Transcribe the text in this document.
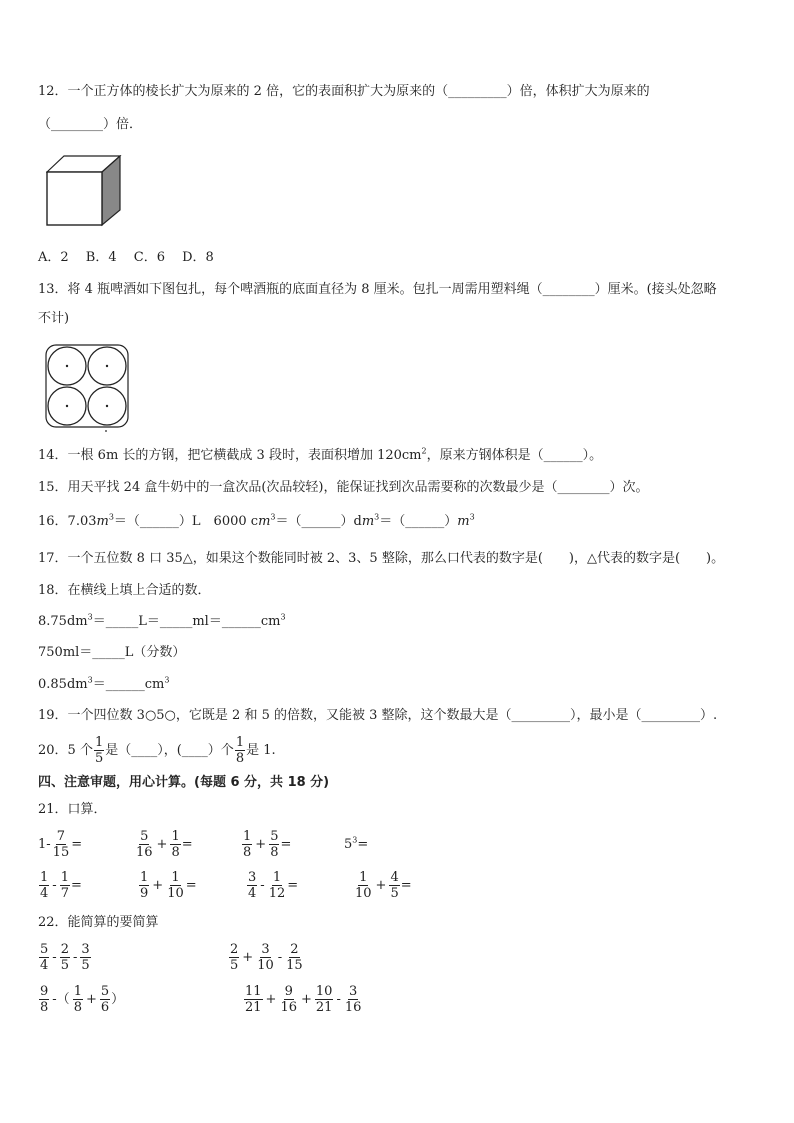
12．一个正方体的棱长扩大为原来的 2 倍，它的表面积扩大为原来的（_________）倍，体积扩大为原来的
（________）倍．
A．2　 B．4　 C．6　 D．8
13．将 4 瓶啤酒如下图包扎，每个啤酒瓶的底面直径为 8 厘米。包扎一周需用塑料绳（________）厘米。(接头处忽略
不计)
14．一根 6m 长的方钢，把它横截成 3 段时，表面积增加 $120cm^2$，原来方钢体积是（______）。
15．用天平找 24 盒牛奶中的一盒次品(次品较轻)，能保证找到次品需要称的次数最少是（________）次。
16．$7.03m^3=(\_\_\_\_\_\_)L$　6000 $cm^3=(\_\_\_\_\_\_)dm^3=(\_\_\_\_\_\_)m^3$
17．一个五位数 8 口 35△，如果这个数能同时被 2、3、5 整除，那么口代表的数字是(　　)，△代表的数字是(　　)。
18．在横线上填上合适的数．
$8.75dm^3=\_\_\_\_\_L=\_\_\_\_\_ml=\_\_\_\_\_\_cm^3$
750ml＝_____L（分数）
$0.85dm^3=\_\_\_\_\_\_cm^3$
19．一个四位数 3○5○，它既是 2 和 5 的倍数，又能被 3 整除，这个数最大是（_________），最小是（_________）.
20．5 个 $\frac{1}{5}$ 是（____），(____）个 $\frac{1}{8}$ 是 1.
四、注意审题，用心计算。(每题 6 分，共 18 分)
21．口算．
$1- \frac{7}{15}$ =	$\frac{5}{16} + \frac{1}{8}$ =	$\frac{1}{8} + \frac{5}{8}$ =	$5^3=$
$\frac{1}{4} - \frac{1}{7}$ =	$\frac{1}{9} + \frac{1}{10}$ =	$\frac{3}{4} - \frac{1}{12}$ =	$\frac{1}{10} + \frac{4}{5}$ =
22．能简算的要简算
$\frac{5}{4} - \frac{2}{5} - \frac{3}{5}$	$\frac{2}{5} + \frac{3}{10} - \frac{2}{15}$
$\frac{9}{8}$ -（ $\frac{1}{8} + \frac{5}{6}$ ）	$\frac{11}{21} + \frac{9}{16} + \frac{10}{21} - \frac{3}{16}$
